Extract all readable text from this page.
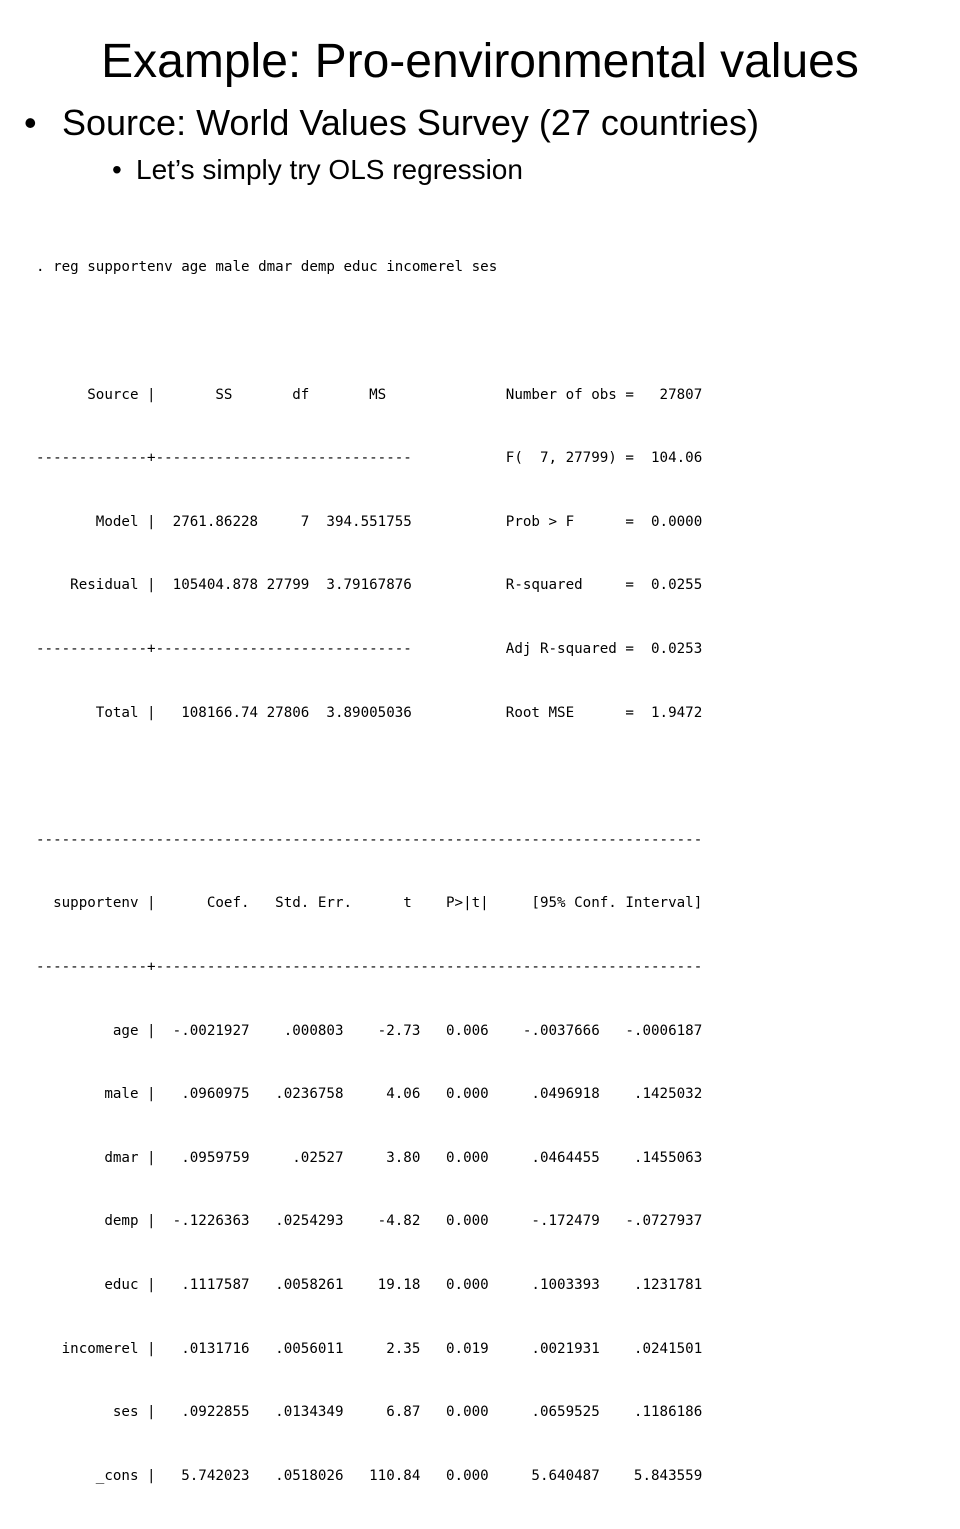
Example: Pro-environmental values
• Source: World Values Survey (27 countries)
• Let’s simply try OLS regression

. reg supportenv age male dmar demp educ incomerel ses

Source |       SS       df       MS              Number of obs =   27807

-------------+------------------------------           F(  7, 27799) =  104.06

Model |  2761.86228     7  394.551755           Prob > F      =  0.0000

Residual |  105404.878 27799  3.79167876           R-squared     =  0.0255

-------------+------------------------------           Adj R-squared =  0.0253

Total |   108166.74 27806  3.89005036           Root MSE      =  1.9472

------------------------------------------------------------------------------

supportenv |      Coef.   Std. Err.      t    P>|t|     [95% Conf. Interval]

-------------+----------------------------------------------------------------

age |  -.0021927    .000803    -2.73   0.006    -.0037666   -.0006187

male |   .0960975   .0236758     4.06   0.000     .0496918    .1425032

dmar |   .0959759     .02527     3.80   0.000     .0464455    .1455063

demp |  -.1226363   .0254293    -4.82   0.000     -.172479   -.0727937

educ |   .1117587   .0058261    19.18   0.000     .1003393    .1231781

incomerel |   .0131716   .0056011     2.35   0.019     .0021931    .0241501

ses |   .0922855   .0134349     6.87   0.000     .0659525    .1186186

_cons |   5.742023   .0518026   110.84   0.000     5.640487    5.843559
